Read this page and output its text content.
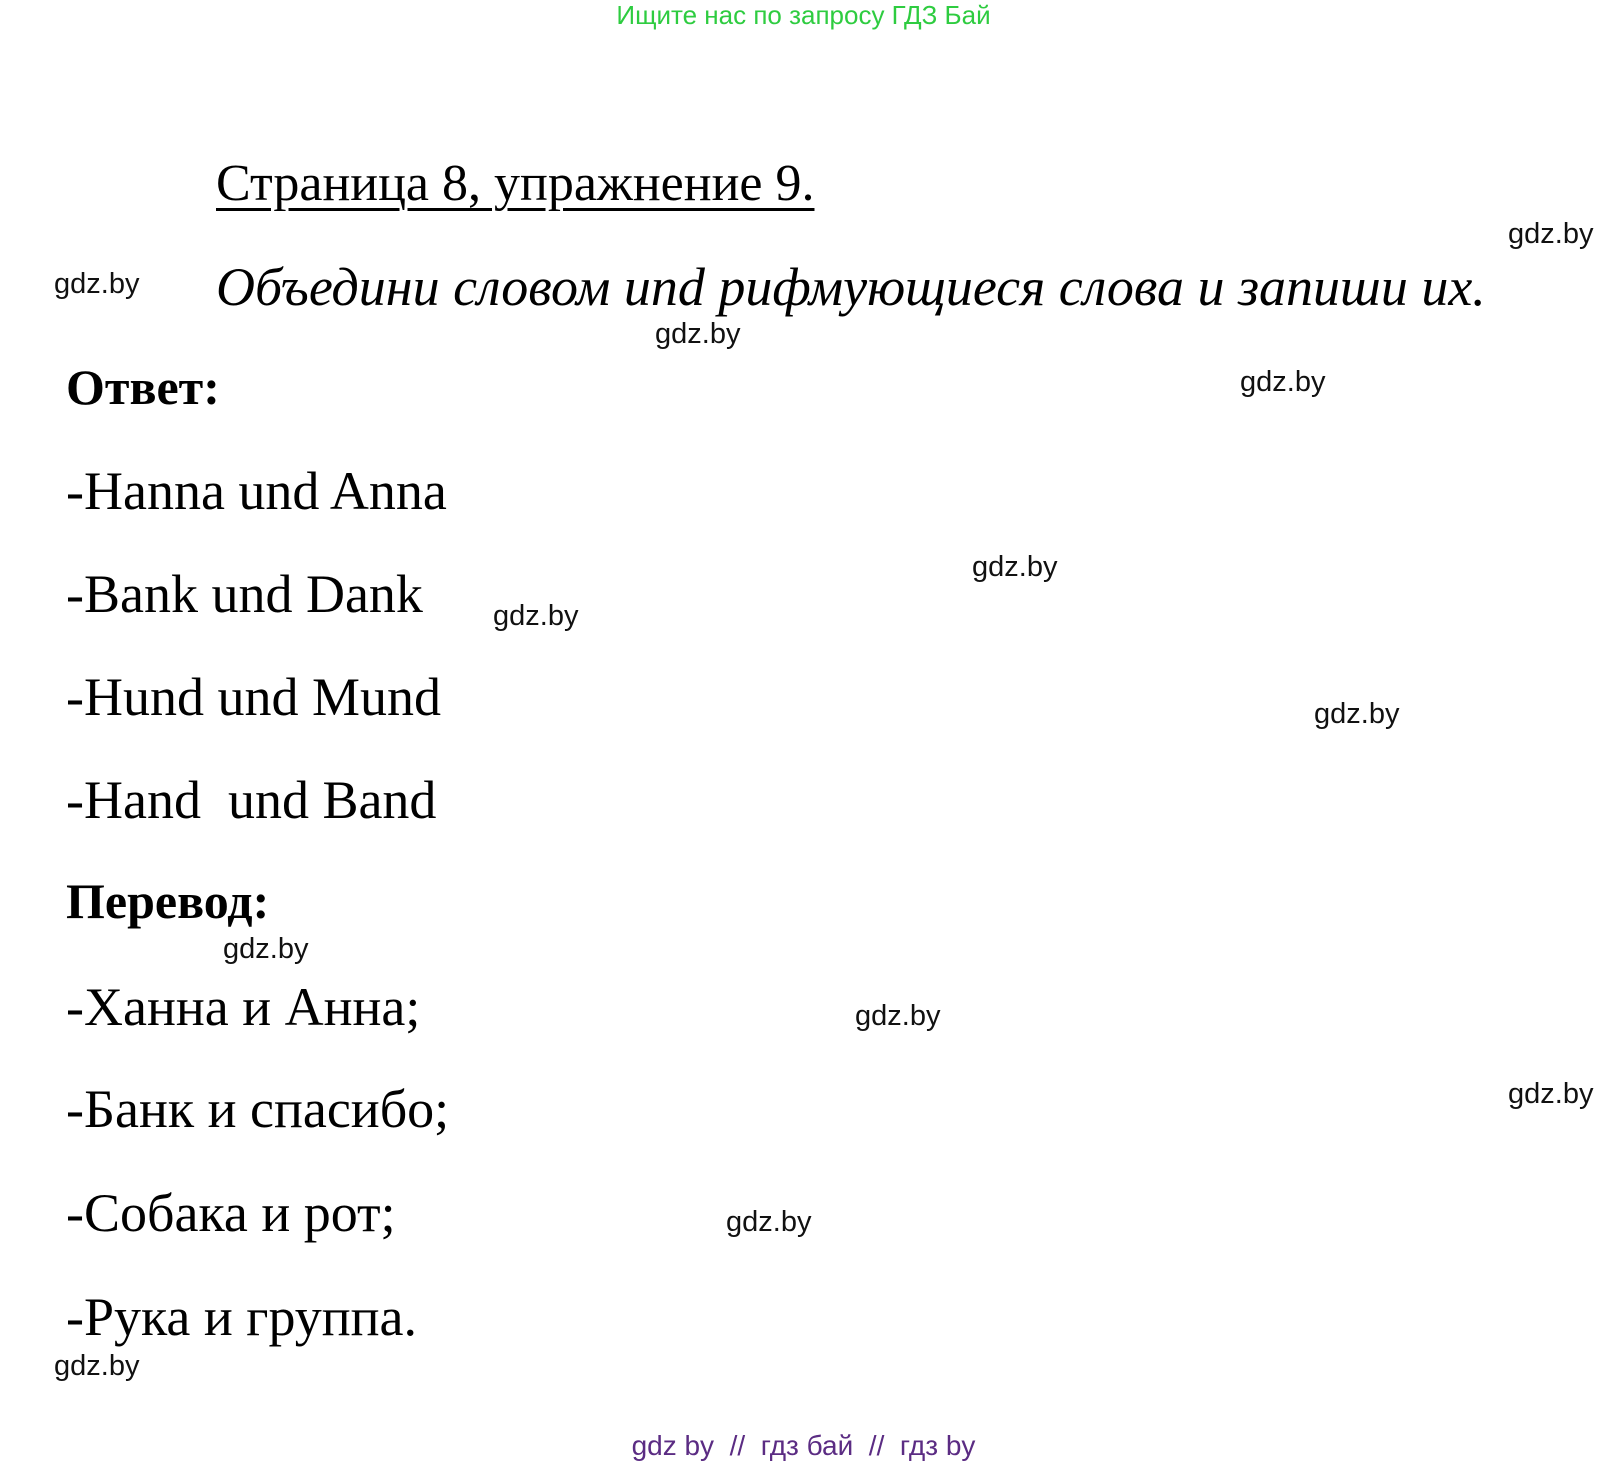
Ищите нас по запросу ГДЗ Бай
Страница 8, упражнение 9.
Объедини словом und рифмующиеся слова и запиши их.
Ответ:
-Hanna und Anna
-Bank und Dank
-Hund und Mund
-Hand  und Band
Перевод:
-Ханна и Анна;
-Банк и спасибо;
-Собака и рот;
-Рука и группа.
gdz.by
gdz.by
gdz.by
gdz.by
gdz.by
gdz.by
gdz.by
gdz.by
gdz.by
gdz.by
gdz.by
gdz.by
gdz by  //  гдз бай  //  гдз by
